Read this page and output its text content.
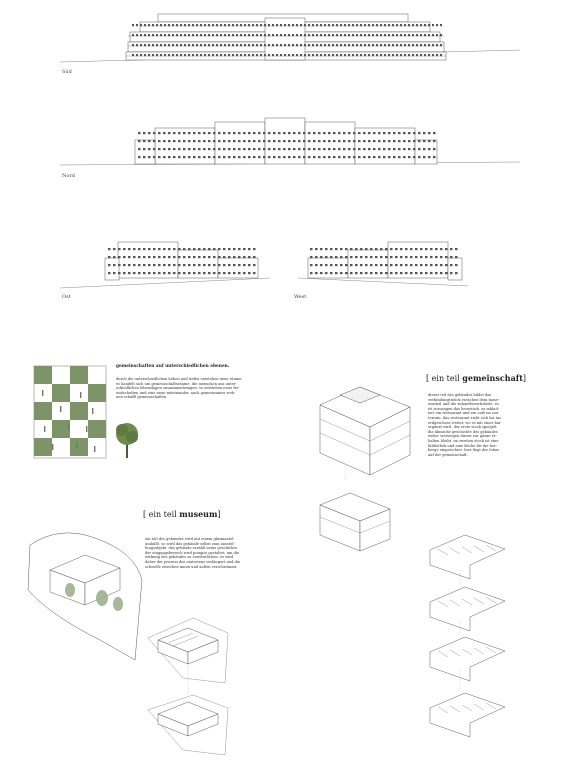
Süd
Nord
Ost	West
gemeinschaften auf unterschiedlichen ebenen.
durch die unterschiedlichen höhen und tiefen entstehen neue räume.
es handelt sich um gemeinschaftsräume, die menschen aus unter-
schiedlichen lebenslagen zusammenbringen. so entstehen neue fre-
undschaften und eine neue miteinander. auch gemeinsames woh-
nen schafft gemeinschaften.
[ ein teil gemeinschaft]
dieser teil des gebäudes bildet das
verbindungsstück zwischen dem muse-
umsteil und die zukunftswerkstätte. es
ist sozusagen das herzstück. es inklud-
iert ein restaurant und ein café im sou-
terrain. das restaurant zieht sich bis ins
erdgeschoss weiter, wo es mit einer bar
ergänzt wird. der erste stock spiegelt
die klinische geschichte des gebäudes
wider, weswegen dieser zur gänze er-
halten bleibt. im zweiten stock ist eine
bibliothek und eine küche für die her-
berge eingerichtet. hier liegt der fokus
auf der gemeinschaft.
[ ein teil museum]
ein teil des gebäudes wird mit einem glasmantel
umhüllt. so wird das gebäude selbst zum ausstel-
lungsobjekt. das gebäude erzählt seine geschichte.
der eingangsbereich wird pompös gestaltet, um die
wirkung des gebäudes zu verdeutlichen. es wird
daher der prozess des eintretens verlängert und die
schwelle zwischen innen und außen verschwimmt.
